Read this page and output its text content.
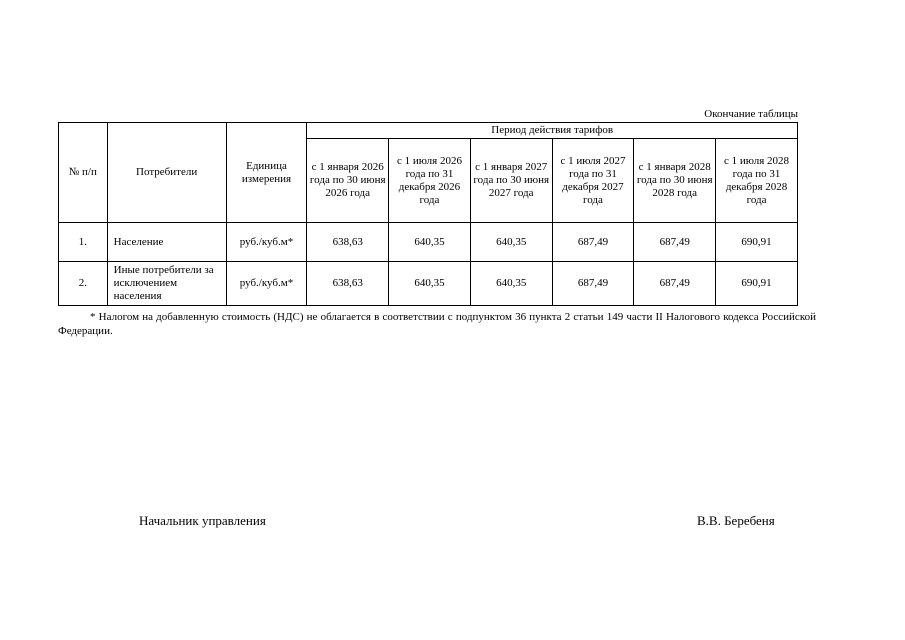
Окончание таблицы
№ п/п	Потребители	Единица измерения	Период действия тарифов					
			с 1 января 2026 года по 30 июня 2026 года	с 1 июля 2026 года по 31 декабря 2026 года	с 1 января 2027 года по 30 июня 2027 года	с 1 июля 2027 года по 31 декабря 2027 года	с 1 января 2028 года по 30 июня 2028 года	с 1 июля 2028 года по 31 декабря 2028 года
1.	Население	руб./куб.м*	638,63	640,35	640,35	687,49	687,49	690,91
2.	Иные потребители за исключением населения	руб./куб.м*	638,63	640,35	640,35	687,49	687,49	690,91
* Налогом на добавленную стоимость (НДС) не облагается в соответствии с подпунктом 36 пункта 2 статьи 149 части II Налогового кодекса Российской Федерации.
Начальник управления	В.В. Беребеня
